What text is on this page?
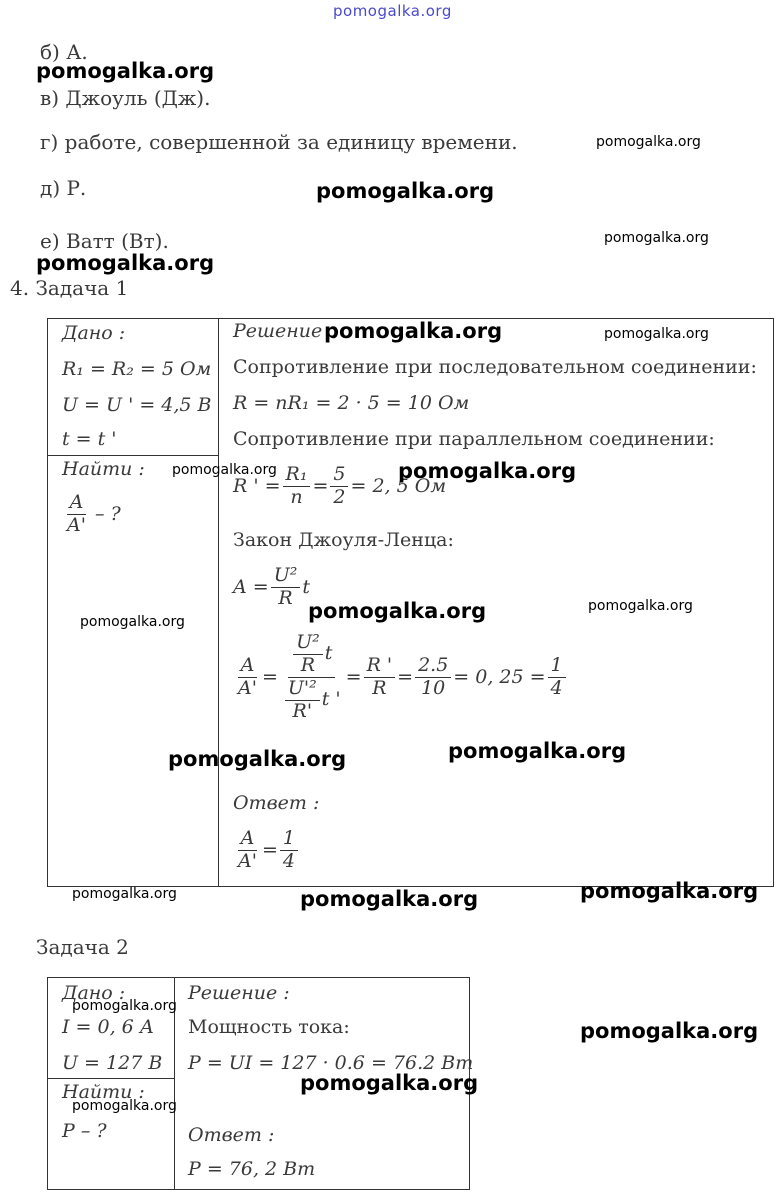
pomogalka.org
б) А.
в) Джоуль (Дж).
г) работе, совершенной за единицу времени.
д) Р.
е) Ватт (Вт).
4. Задача 1
Дано :
R₁ = R₂ = 5 Ом
U = U ' = 4,5 В
t = t '
Найти :
$\frac{A}{A'}$ – ?
Решение
Сопротивление при последовательном соединении:
R = nR₁ = 2 · 5 = 10 Ом
Сопротивление при параллельном соединении:
R ' = $\frac{\text{R₁}}{n} = \frac{5}{2} = 2$, 5 Ом
Закон Джоуля-Ленца:
$A = \frac{\text{U²}}{R}$ t
$\frac{A}{A'} = \frac{\frac{\text{U²}}{R} t}{\frac{\text{U'²}}{R'} t '} = \frac{R '}{R} = \frac{2.5}{10} = 0$, $25 = \frac{1}{4}$
Ответ :
$\frac{A}{A'} = \frac{1}{4}$
Задача 2
Дано :
I = 0, 6 А
U = 127 В
Найти :
P – ?
Решение :
Мощность тока:
P = UI = 127 · 0.6 = 76.2 Вт
Ответ :
P = 76, 2 Вт
pomogalka.org
pomogalka.org
pomogalka.org
pomogalka.org
pomogalka.org
pomogalka.org	pomogalka.org
pomogalka.org	pomogalka.org
pomogalka.org
pomogalka.org
pomogalka.org
pomogalka.org
pomogalka.org
pomogalka.org
pomogalka.org	pomogalka.org
pomogalka.org
pomogalka.org
pomogalka.org
pomogalka.org
